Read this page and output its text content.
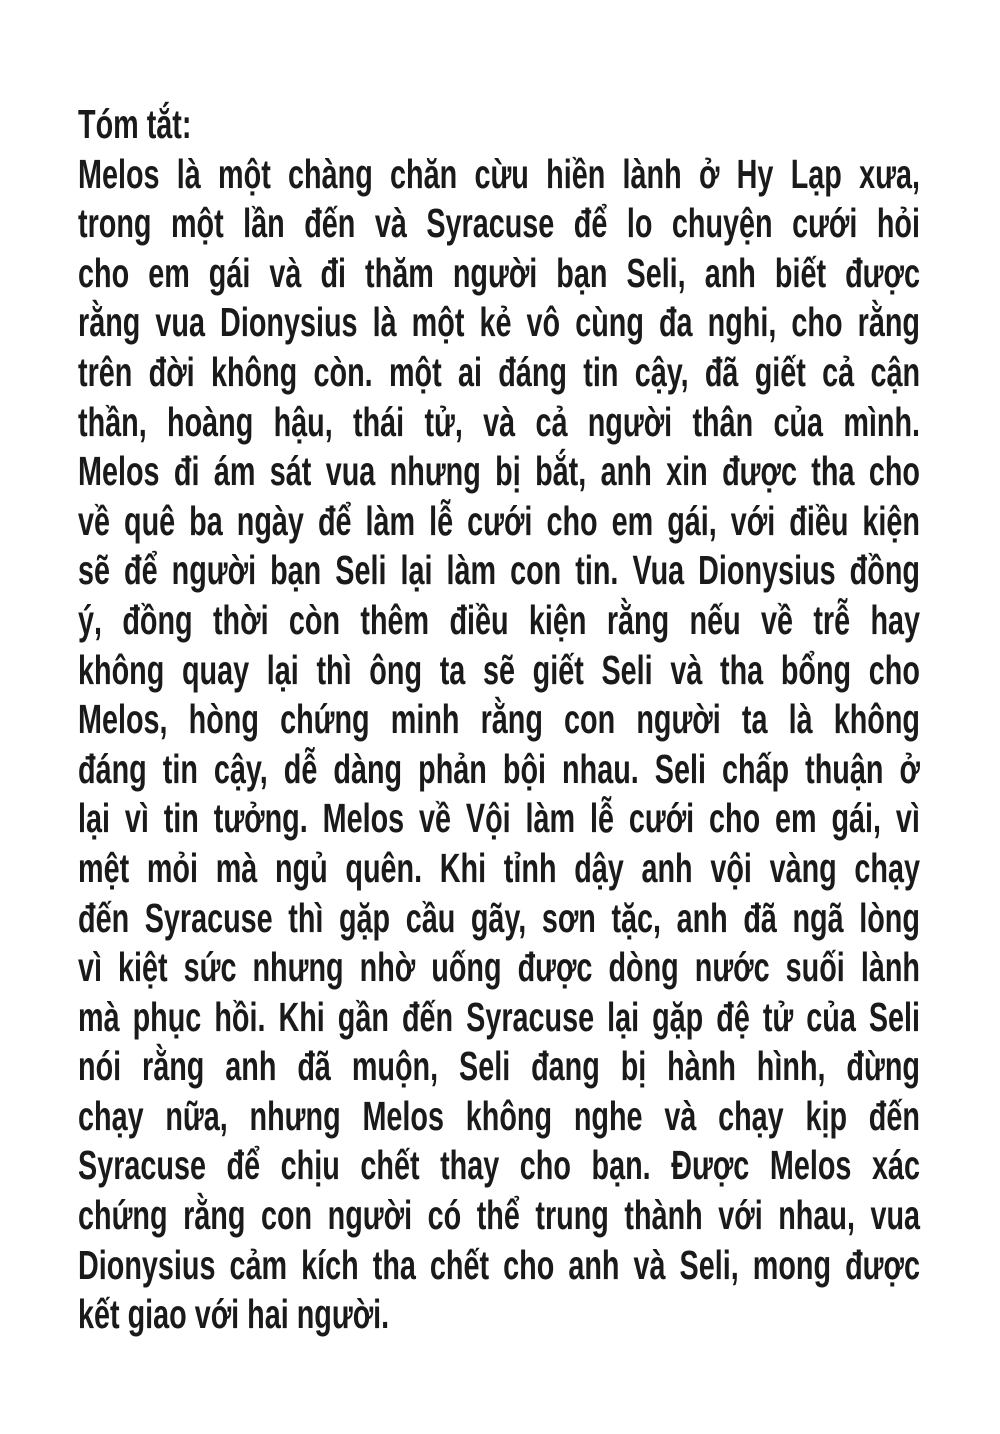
Tóm tắt:
Melos là một chàng chăn cừu hiền lành ở Hy Lạp xưa,
trong một lần đến và Syracuse để lo chuyện cưới hỏi
cho em gái và đi thăm người bạn Seli, anh biết được
rằng vua Dionysius là một kẻ vô cùng đa nghi, cho rằng
trên đời không còn. một ai đáng tin cậy, đã giết cả cận
thần, hoàng hậu, thái tử, và cả người thân của mình.
Melos đi ám sát vua nhưng bị bắt, anh xin được tha cho
về quê ba ngày để làm lễ cưới cho em gái, với điều kiện
sẽ để người bạn Seli lại làm con tin. Vua Dionysius đồng
ý, đồng thời còn thêm điều kiện rằng nếu về trễ hay
không quay lại thì ông ta sẽ giết Seli và tha bổng cho
Melos, hòng chứng minh rằng con người ta là không
đáng tin cậy, dễ dàng phản bội nhau. Seli chấp thuận ở
lại vì tin tưởng. Melos về Vội làm lễ cưới cho em gái, vì
mệt mỏi mà ngủ quên. Khi tỉnh dậy anh vội vàng chạy
đến Syracuse thì gặp cầu gãy, sơn tặc, anh đã ngã lòng
vì kiệt sức nhưng nhờ uống được dòng nước suối lành
mà phục hồi. Khi gần đến Syracuse lại gặp đệ tử của Seli
nói rằng anh đã muộn, Seli đang bị hành hình, đừng
chạy nữa, nhưng Melos không nghe và chạy kịp đến
Syracuse để chịu chết thay cho bạn. Được Melos xác
chứng rằng con người có thể trung thành với nhau, vua
Dionysius cảm kích tha chết cho anh và Seli, mong được
kết giao với hai người.
